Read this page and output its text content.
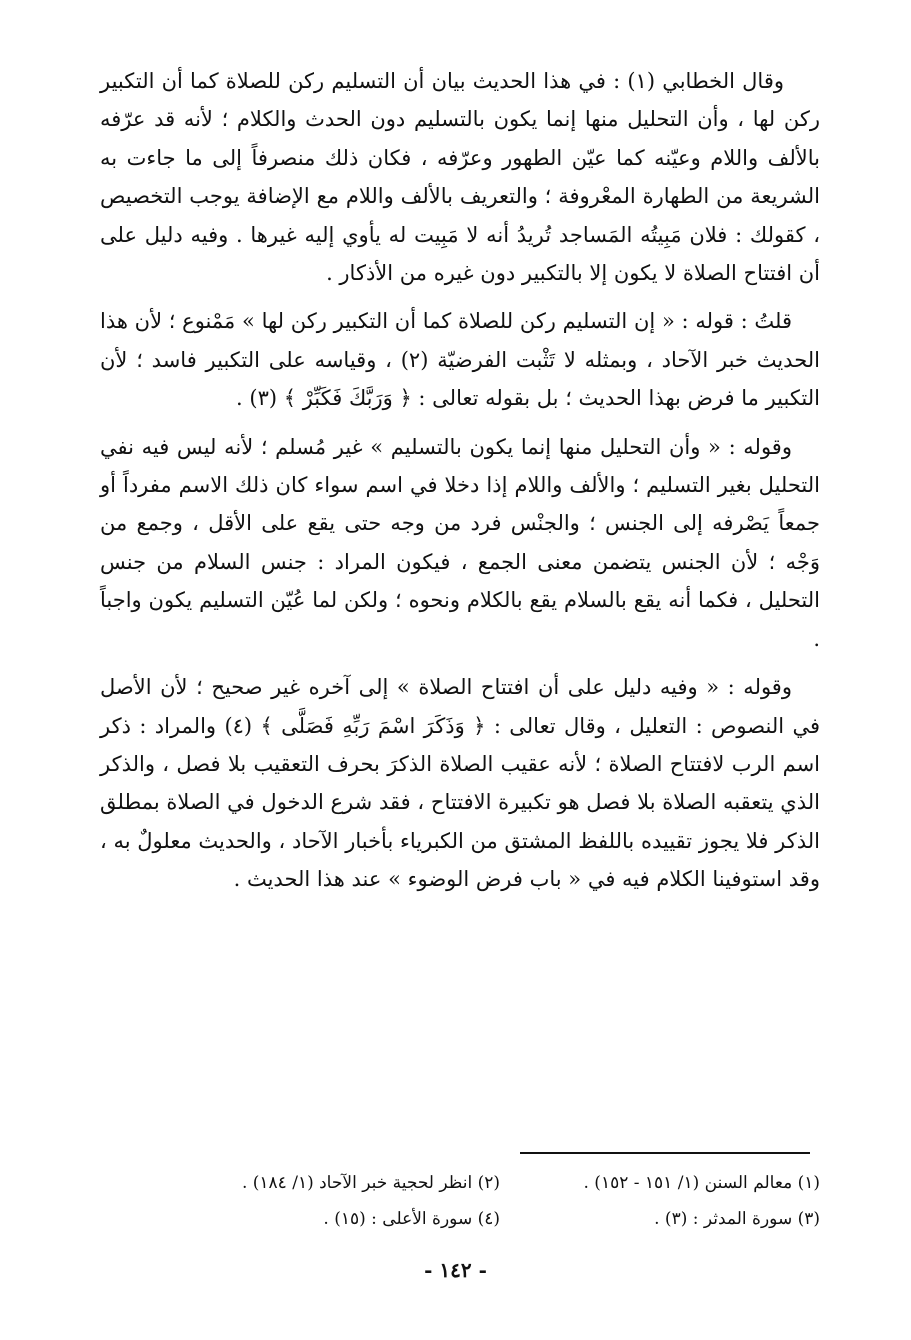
وقال الخطابي (١) : في هذا الحديث بيان أن التسليم ركن للصلاة كما أن التكبير ركن لها ، وأن التحليل منها إنما يكون بالتسليم دون الحدث والكلام ؛ لأنه قد عرّفه بالألف واللام وعيّنه كما عيّن الطهور وعرّفه ، فكان ذلك منصرفاً إلى ما جاءت به الشريعة من الطهارة المعْروفة ؛ والتعريف بالألف واللام مع الإضافة يوجب التخصيص ، كقولك : فلان مَبِيتُه المَساجد تُريدُ أنه لا مَبِيت له يأوي إليه غيرها . وفيه دليل على أن افتتاح الصلاة لا يكون إلا بالتكبير دون غيره من الأذكار .

قلتُ : قوله : « إن التسليم ركن للصلاة كما أن التكبير ركن لها » مَمْنوع ؛ لأن هذا الحديث خبر الآحاد ، وبمثله لا تَثْبت الفرضيّة (٢) ، وقياسه على التكبير فاسد ؛ لأن التكبير ما فرض بهذا الحديث ؛ بل بقوله تعالى : ﴿ وَرَبَّكَ فَكَبِّرْ ﴾ (٣) .

وقوله : « وأن التحليل منها إنما يكون بالتسليم » غير مُسلم ؛ لأنه ليس فيه نفي التحليل بغير التسليم ؛ والألف واللام إذا دخلا في اسم سواء كان ذلك الاسم مفرداً أو جمعاً يَصْرفه إلى الجنس ؛ والجنْس فرد من وجه حتى يقع على الأقل ، وجمع من وَجْه ؛ لأن الجنس يتضمن معنى الجمع ، فيكون المراد : جنس السلام من جنس التحليل ، فكما أنه يقع بالسلام يقع بالكلام ونحوه ؛ ولكن لما عُيّن التسليم يكون واجباً .

وقوله : « وفيه دليل على أن افتتاح الصلاة » إلى آخره غير صحيح ؛ لأن الأصل في النصوص : التعليل ، وقال تعالى : ﴿ وَذَكَرَ اسْمَ رَبِّهِ فَصَلَّى ﴾ (٤) والمراد : ذكر اسم الرب لافتتاح الصلاة ؛ لأنه عقيب الصلاة الذكرَ بحرف التعقيب بلا فصل ، والذكر الذي يتعقبه الصلاة بلا فصل هو تكبيرة الافتتاح ، فقد شرع الدخول في الصلاة بمطلق الذكر فلا يجوز تقييده باللفظ المشتق من الكبرياء بأخبار الآحاد ، والحديث معلولٌ به ، وقد استوفينا الكلام فيه في « باب فرض الوضوء » عند هذا الحديث .

(١) معالم السنن (١/ ١٥١ - ١٥٢) .
(٢) انظر لحجية خبر الآحاد (١/ ١٨٤) .
(٣) سورة المدثر : (٣) .
(٤) سورة الأعلى : (١٥) .
- ١٤٢ -
